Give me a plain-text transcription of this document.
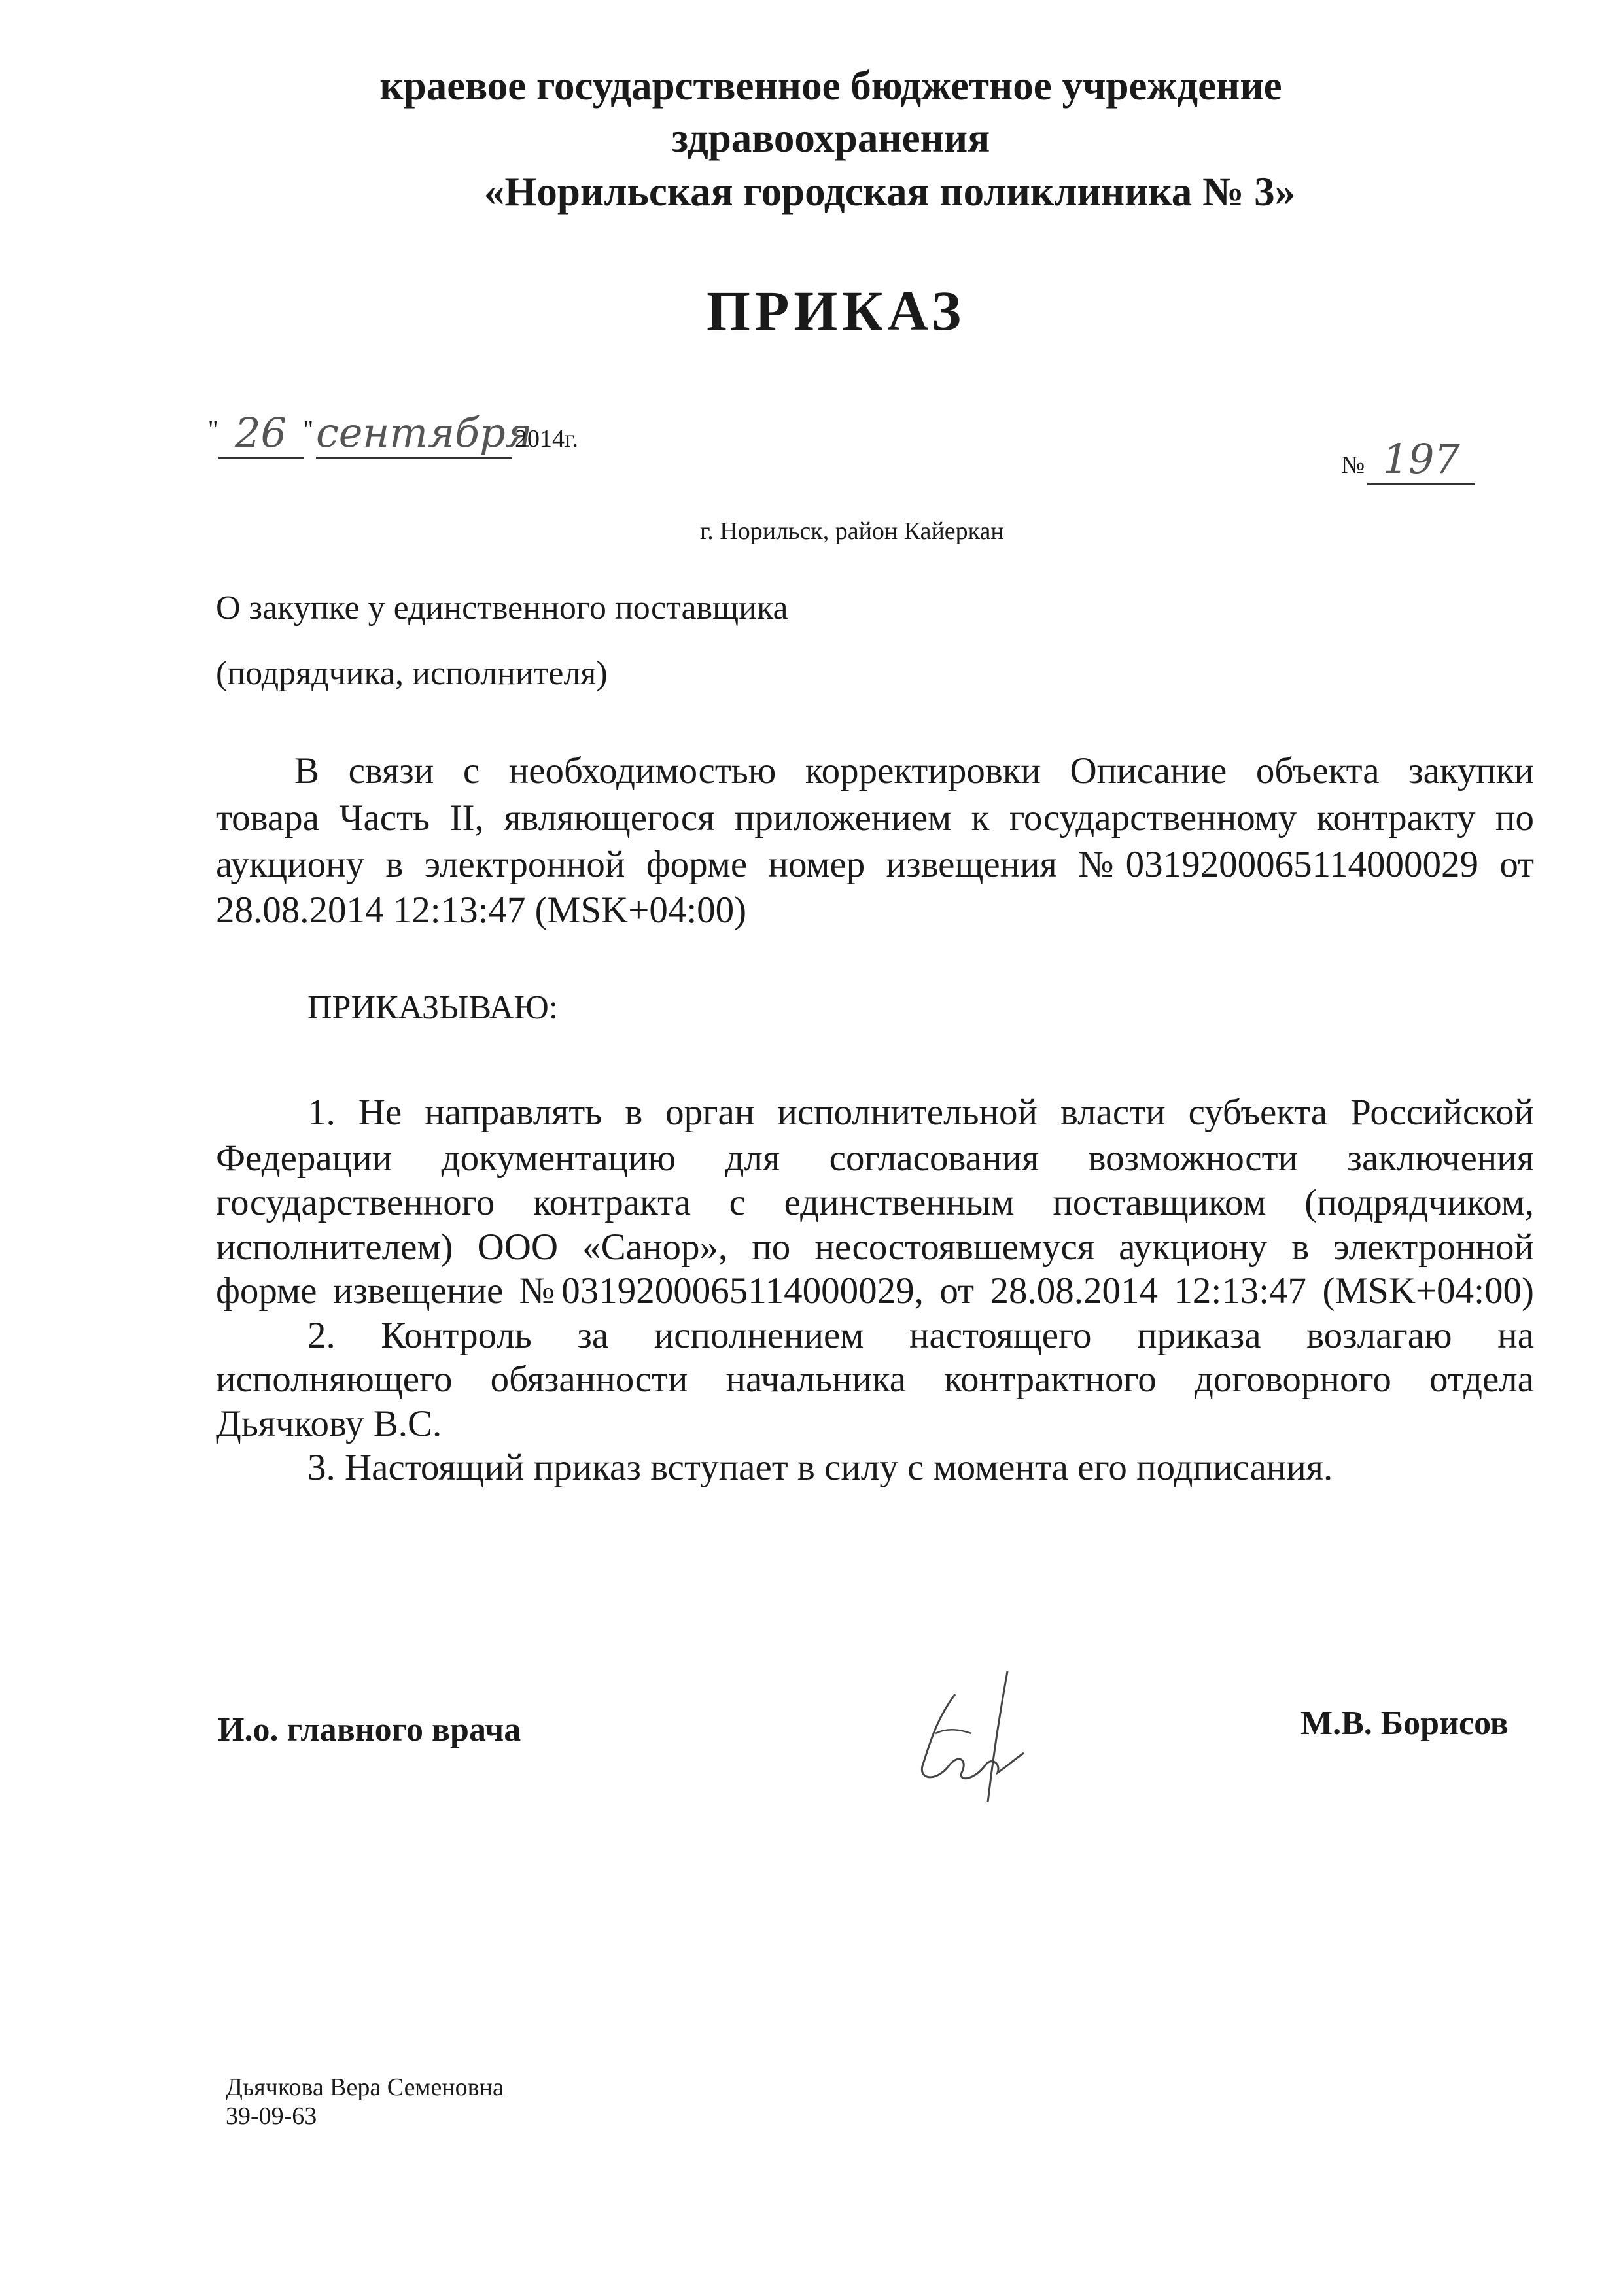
краевое государственное бюджетное учреждение
здравоохранения
«Норильская городская поликлиника № 3»
ПРИКАЗ
" 26 " сентября 2014г.
№ 197
г. Норильск, район Кайеркан
О закупке у единственного поставщика
(подрядчика, исполнителя)
В связи с необходимостью корректировки Описание объекта закупки
товара Часть II, являющегося приложением к государственному контракту по
аукциону в электронной форме номер извещения №0319200065114000029 от
28.08.2014 12:13:47 (MSK+04:00)
ПРИКАЗЫВАЮ:
1. Не направлять в орган исполнительной власти субъекта Российской
Федерации документацию для согласования возможности заключения
государственного контракта с единственным поставщиком (подрядчиком,
исполнителем) ООО «Санор», по несостоявшемуся аукциону в электронной
форме извещение №0319200065114000029, от 28.08.2014 12:13:47 (MSK+04:00)
2. Контроль за исполнением настоящего приказа возлагаю на
исполняющего обязанности начальника контрактного договорного отдела
Дьячкову В.С.
3. Настоящий приказ вступает в силу с момента его подписания.
И.о. главного врача	М.В. Борисов
Дьячкова Вера Семеновна
39-09-63
